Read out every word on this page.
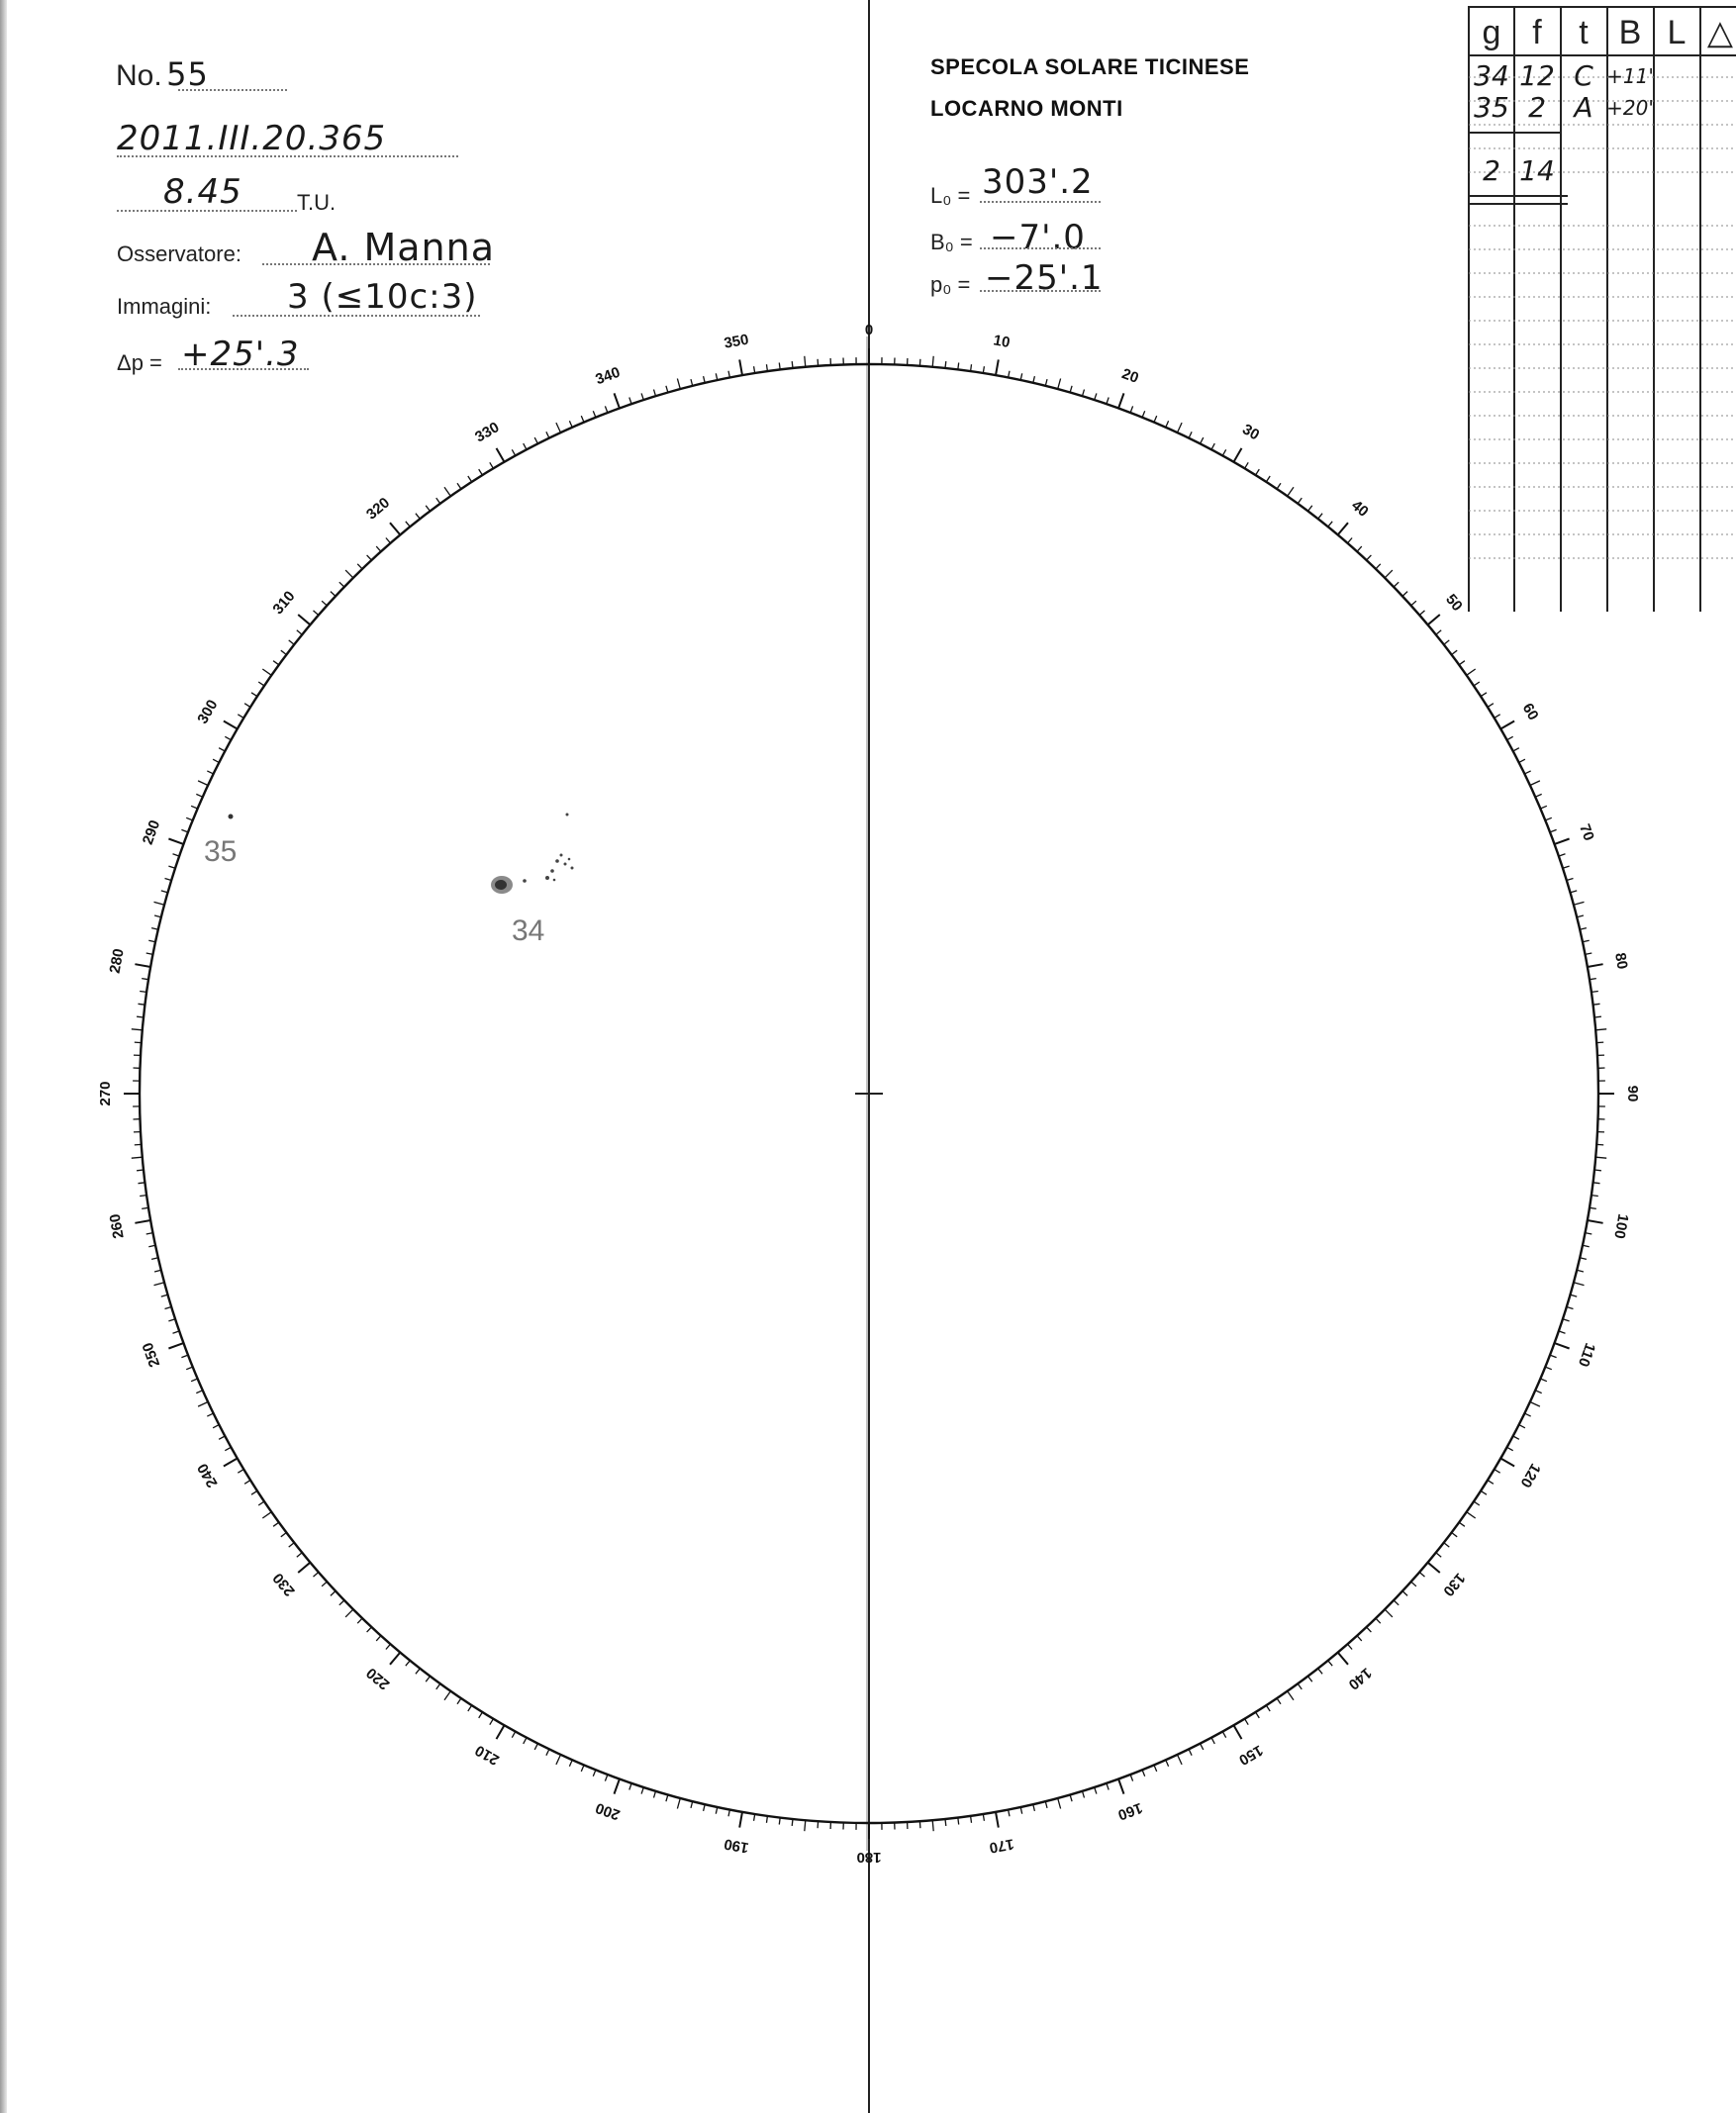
No. 55
2011.III.20.365
8.45	T.U.
Osservatore: A. Manna
Immagini: 3 (≤10c:3)
Δp = +25'.3
SPECOLA SOLARE TICINESE
LOCARNO MONTI
L₀ = 303'.2
B₀ = −7'.0
p₀ = −25'.1
g f t B L △
34 12 C +11'
35 2 A +20'
2 14
0
10
20
30
40
50
60
70
80
90
100
110
120
130
140
150
160
170
180
190
200
210
220
230
240
250
260
270
280
290
300
310
320
330
340
350
34
35
